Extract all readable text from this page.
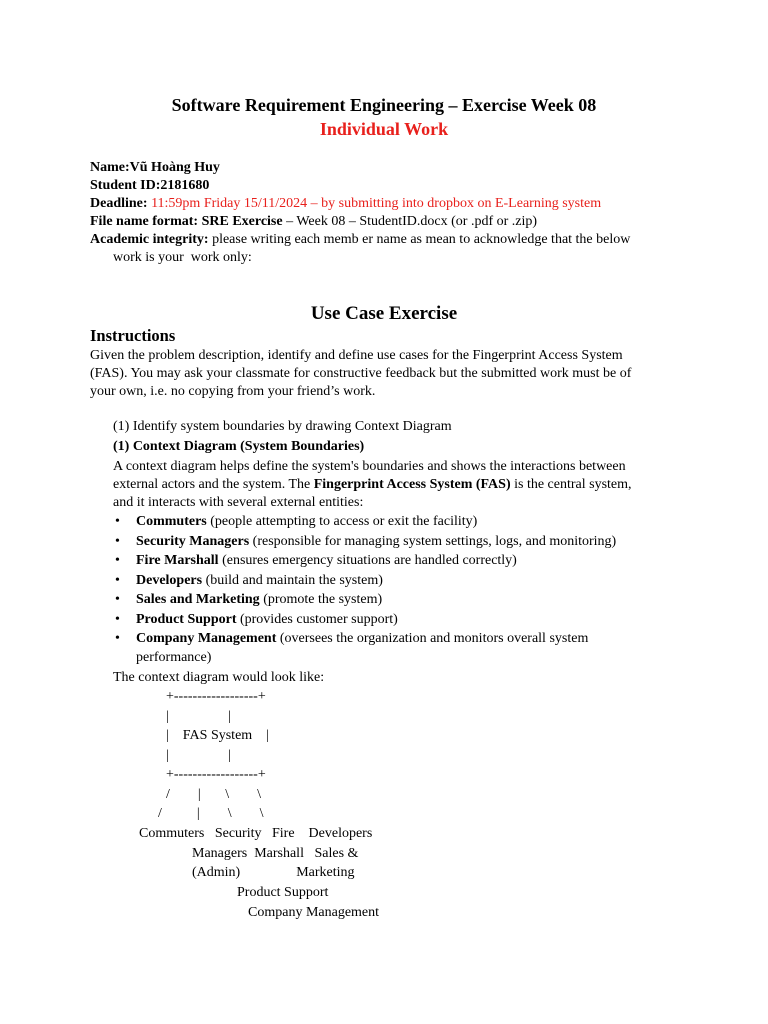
Software Requirement Engineering – Exercise Week 08
Individual Work
Name:Vũ Hoàng Huy
Student ID:2181680
Deadline: 11:59pm Friday 15/11/2024 – by submitting into dropbox on E-Learning system
File name format: SRE Exercise – Week 08 – StudentID.docx (or .pdf or .zip)
Academic integrity: please writing each memb er name as mean to acknowledge that the below
work is your  work only:
Use Case Exercise
Instructions
Given the problem description, identify and define use cases for the Fingerprint Access System
(FAS). You may ask your classmate for constructive feedback but the submitted work must be of
your own, i.e. no copying from your friend’s work.
(1) Identify system boundaries by drawing Context Diagram
(1) Context Diagram (System Boundaries)
A context diagram helps define the system's boundaries and shows the interactions between
external actors and the system. The Fingerprint Access System (FAS) is the central system,
and it interacts with several external entities:
• Commuters (people attempting to access or exit the facility)
• Security Managers (responsible for managing system settings, logs, and monitoring)
• Fire Marshall (ensures emergency situations are handled correctly)
• Developers (build and maintain the system)
• Sales and Marketing (promote the system)
• Product Support (provides customer support)
• Company Management (oversees the organization and monitors overall system
performance)
The context diagram would look like:
+------------------+
|                 |
|    FAS System    |
|                 |
+------------------+
/        |       \        \
/          |        \        \
Commuters   Security   Fire    Developers
Managers  Marshall   Sales &
(Admin)                Marketing
Product Support
Company Management
